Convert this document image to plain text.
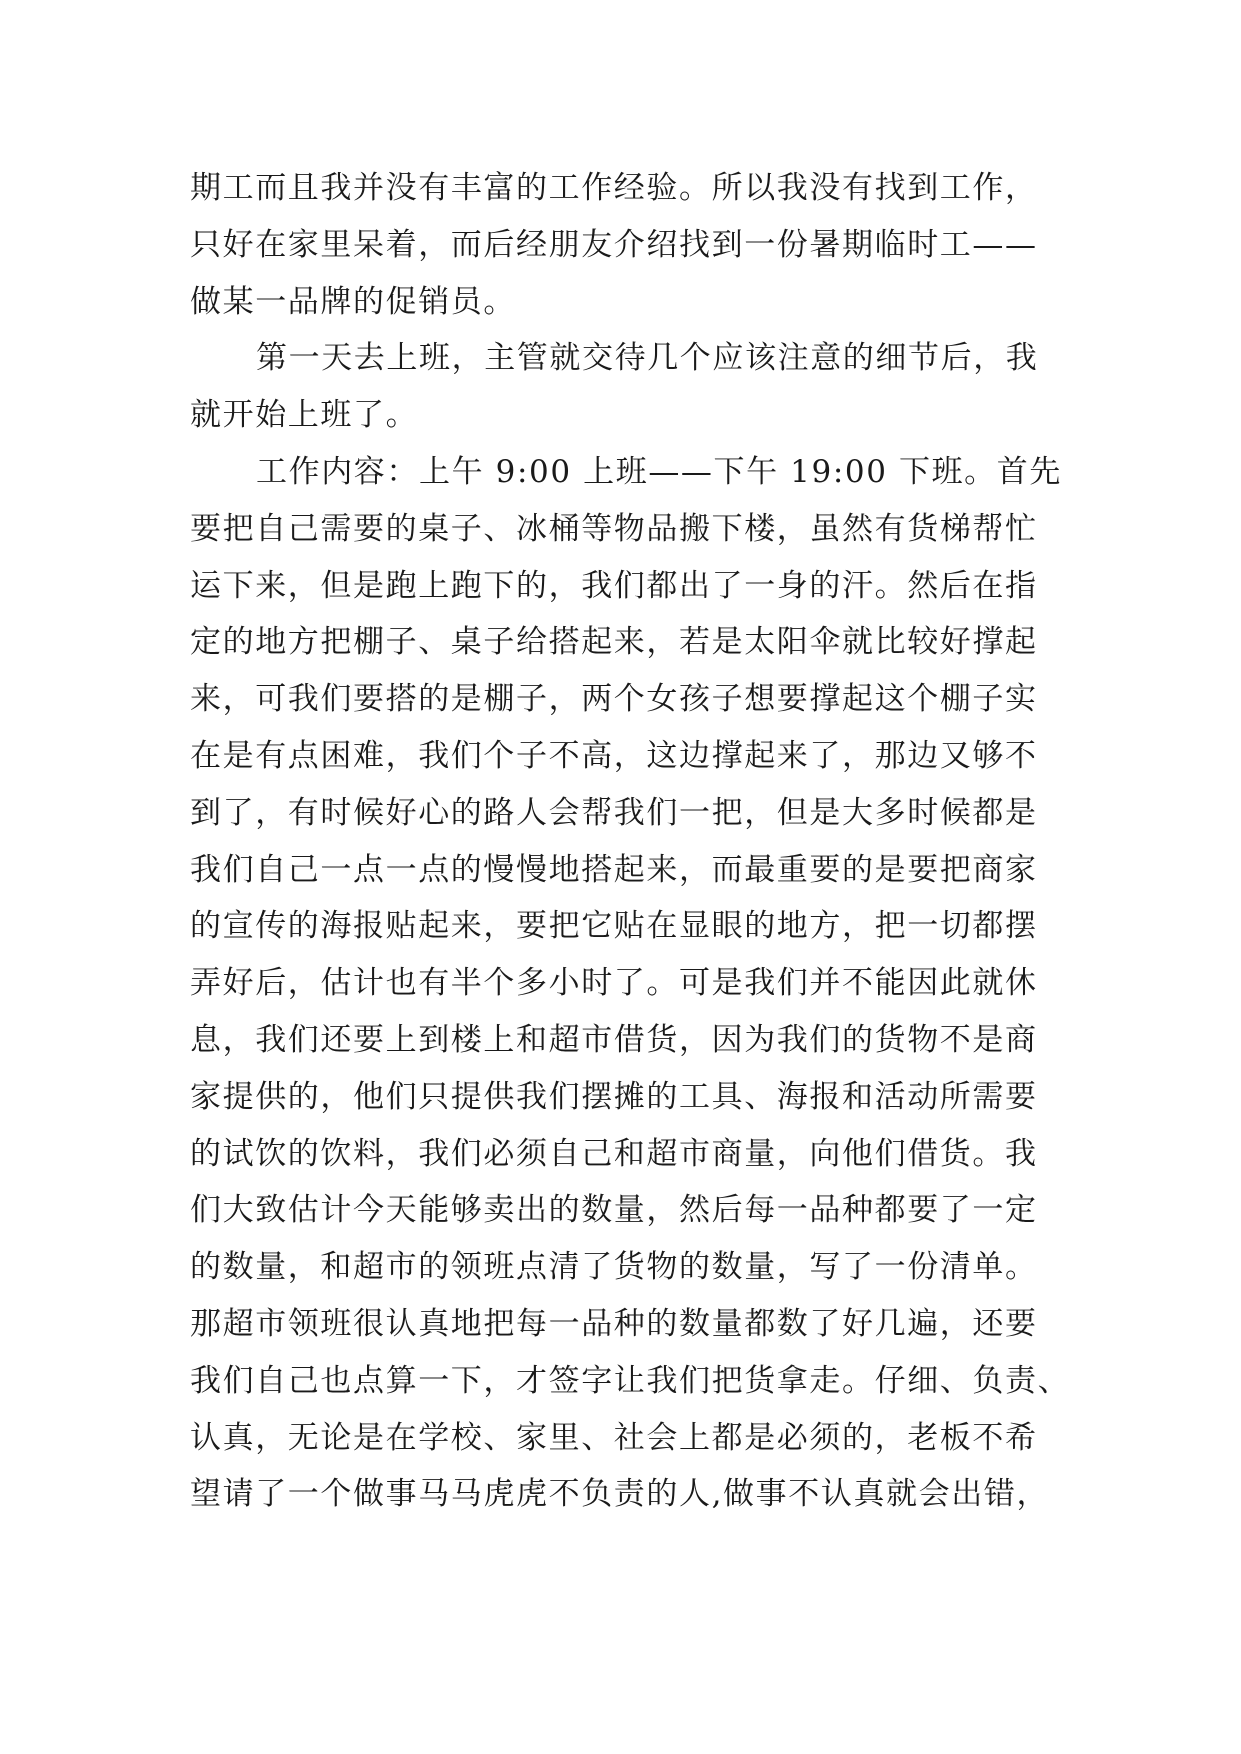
期工而且我并没有丰富的工作经验。所以我没有找到工作，
只好在家里呆着，而后经朋友介绍找到一份暑期临时工——
做某一品牌的促销员。
第一天去上班，主管就交待几个应该注意的细节后，我
就开始上班了。
工作内容：上午 9:00 上班——下午 19:00 下班。首先
要把自己需要的桌子、冰桶等物品搬下楼，虽然有货梯帮忙
运下来，但是跑上跑下的，我们都出了一身的汗。然后在指
定的地方把棚子、桌子给搭起来，若是太阳伞就比较好撑起
来，可我们要搭的是棚子，两个女孩子想要撑起这个棚子实
在是有点困难，我们个子不高，这边撑起来了，那边又够不
到了，有时候好心的路人会帮我们一把，但是大多时候都是
我们自己一点一点的慢慢地搭起来，而最重要的是要把商家
的宣传的海报贴起来，要把它贴在显眼的地方，把一切都摆
弄好后，估计也有半个多小时了。可是我们并不能因此就休
息，我们还要上到楼上和超市借货，因为我们的货物不是商
家提供的，他们只提供我们摆摊的工具、海报和活动所需要
的试饮的饮料，我们必须自己和超市商量，向他们借货。我
们大致估计今天能够卖出的数量，然后每一品种都要了一定
的数量，和超市的领班点清了货物的数量，写了一份清单。
那超市领班很认真地把每一品种的数量都数了好几遍，还要
我们自己也点算一下，才签字让我们把货拿走。仔细、负责、
认真，无论是在学校、家里、社会上都是必须的，老板不希
望请了一个做事马马虎虎不负责的人,做事不认真就会出错，
